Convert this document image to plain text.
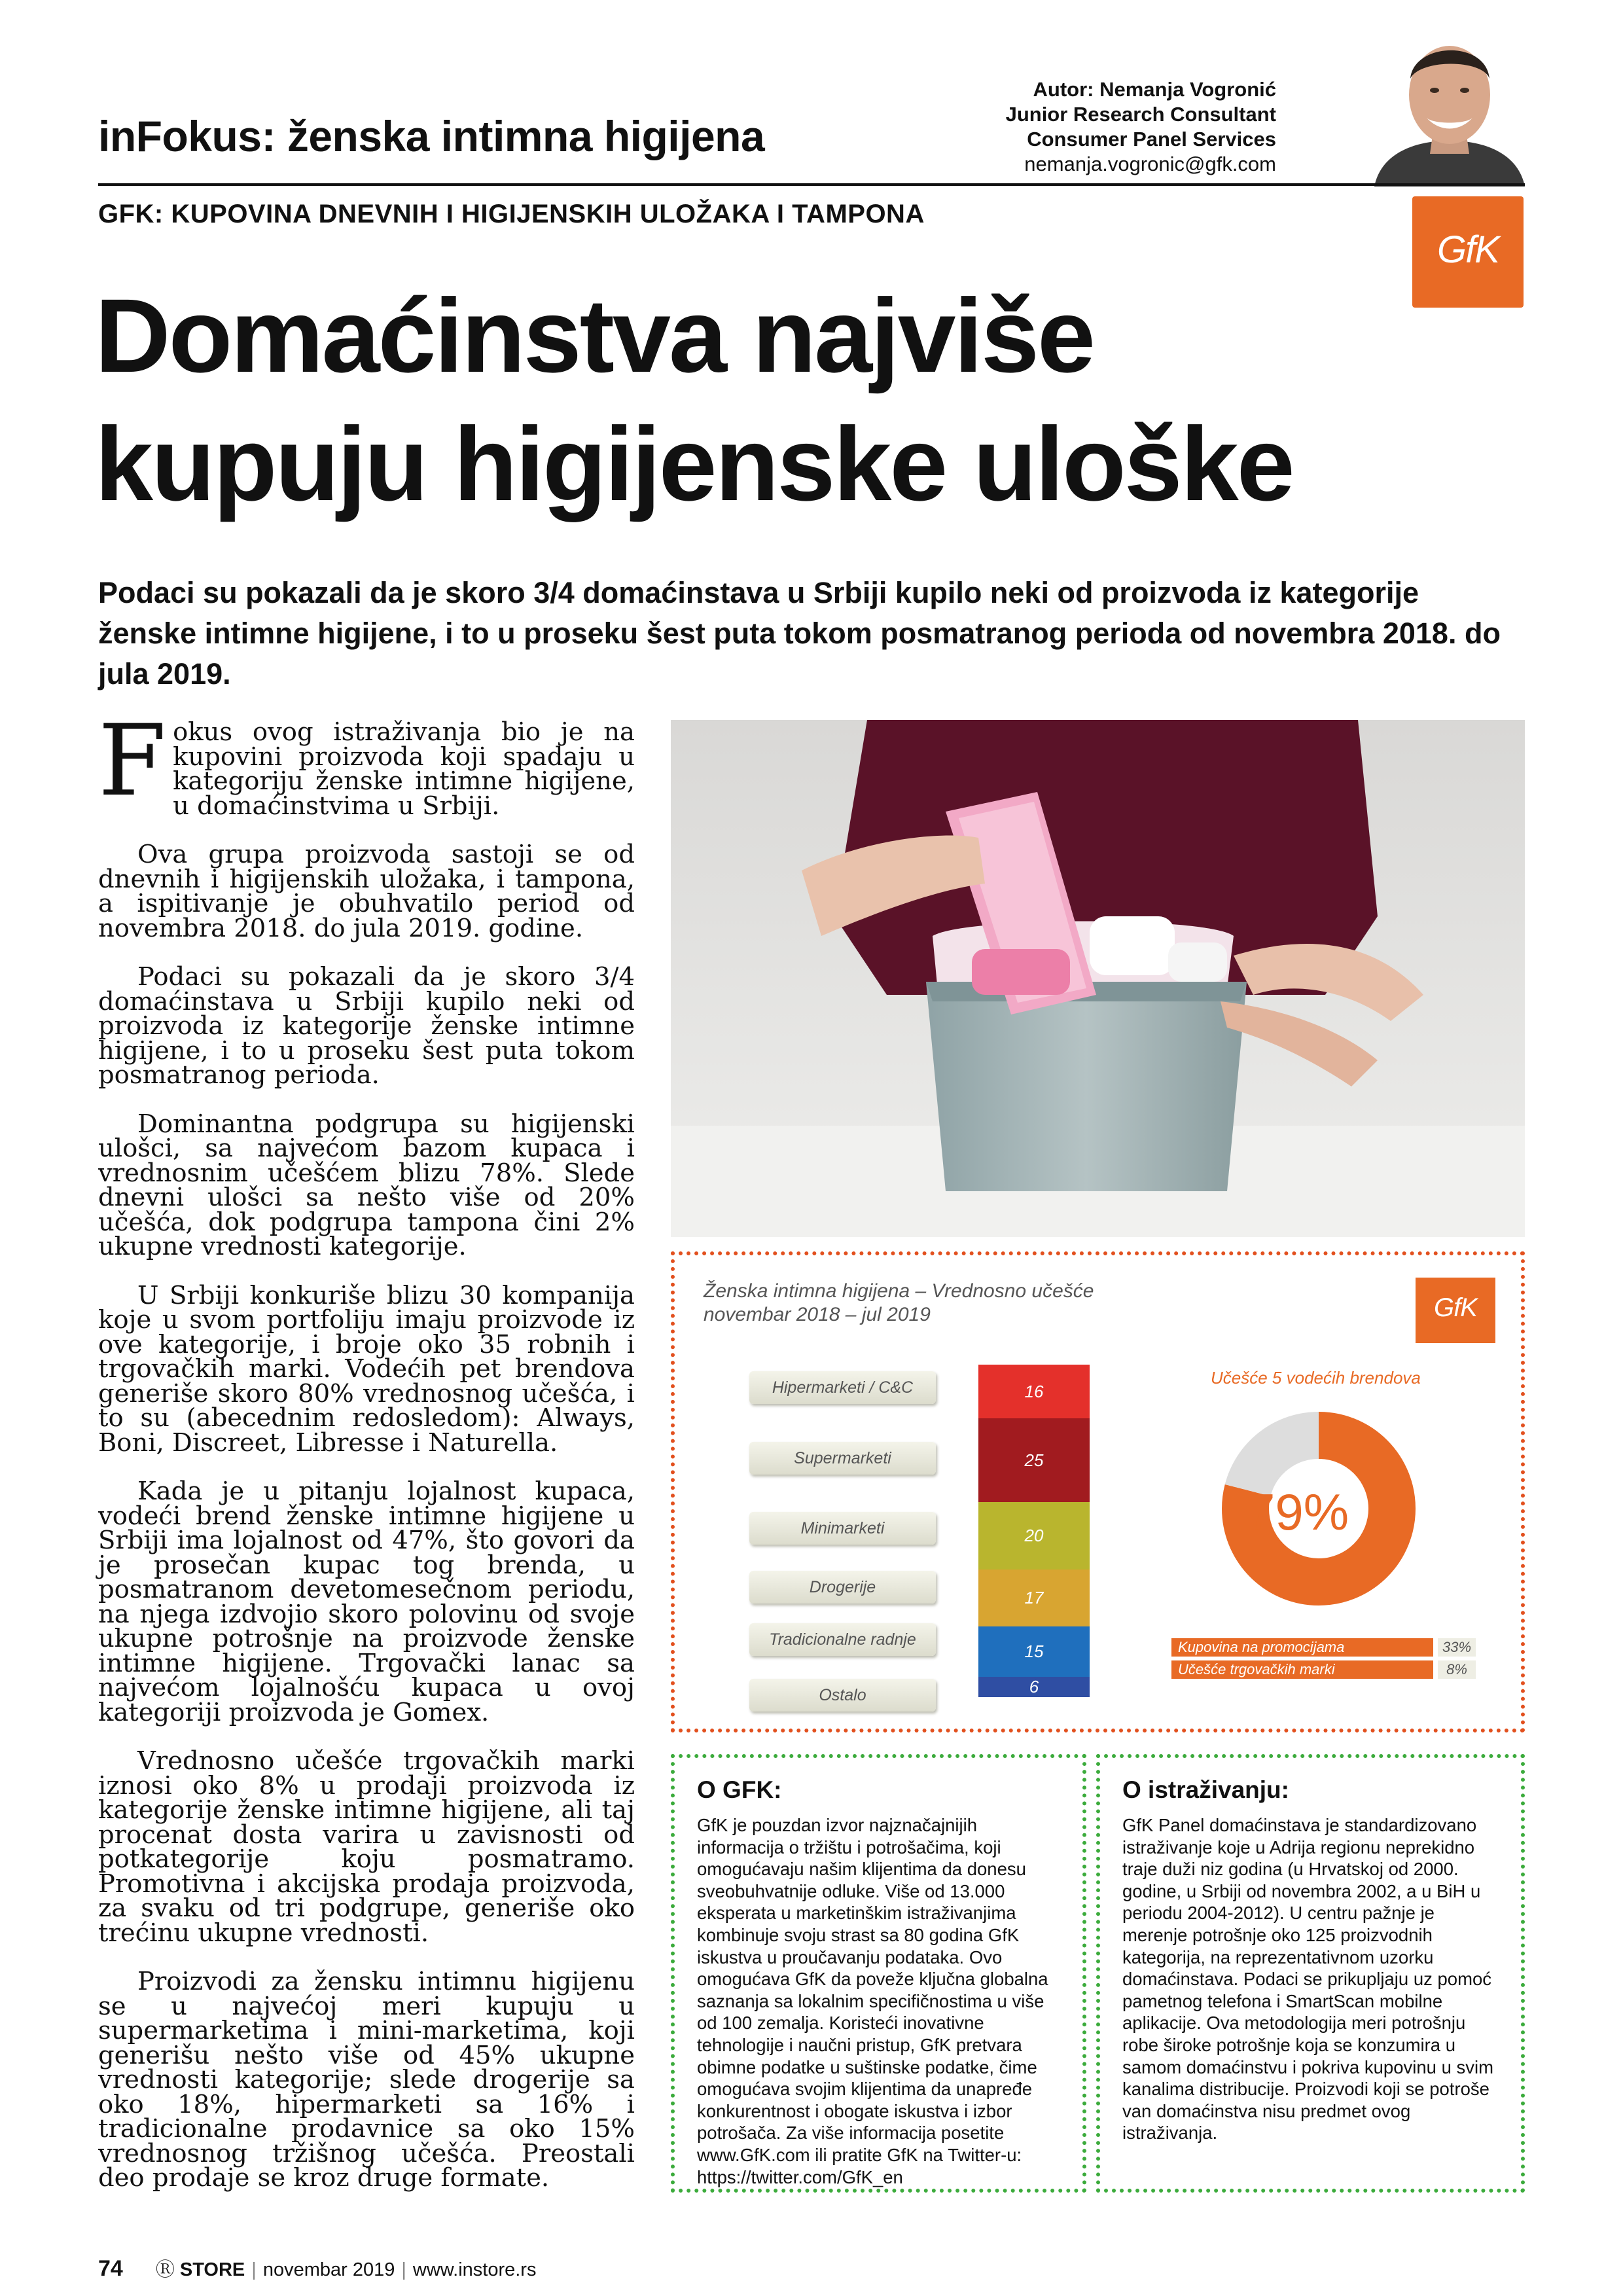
inFokus: ženska intimna higijena
Autor: Nemanja Vogronić
Junior Research Consultant
Consumer Panel Services
nemanja.vogronic@gfk.com
GFK: KUPOVINA DNEVNIH I HIGIJENSKIH ULOŽAKA I TAMPONA
GfK
Domaćinstva najviše
kupuju higijenske uloške
Podaci su pokazali da je skoro 3/4 domaćinstava u Srbiji kupilo neki od proizvoda iz kategorije ženske intimne higijene, i to u proseku šest puta tokom posmatranog perioda od novembra 2018. do jula 2019.

Fokus ovog istraživanja bio je na kupovini proizvoda koji spadaju u kategoriju ženske intimne higijene, u domaćinstvima u Srbiji.

Ova grupa proizvoda sastoji se od dnevnih i higijenskih uložaka, i tampona, a ispitivanje je obuhvatilo period od novembra 2018. do jula 2019. godine.

Podaci su pokazali da je skoro 3/4 domaćinstava u Srbiji kupilo neki od proizvoda iz kategorije ženske intimne higijene, i to u proseku šest puta tokom posmatranog perioda.

Dominantna podgrupa su higijenski ulošci, sa najvećom bazom kupaca i vrednosnim učešćem blizu 78%. Slede dnevni ulošci sa nešto više od 20% učešća, dok podgrupa tampona čini 2% ukupne vrednosti kategorije.

U Srbiji konkuriše blizu 30 kompanija koje u svom portfoliju imaju proizvode iz ove kategorije, i broje oko 35 robnih i trgovačkih marki. Vodećih pet brendova generiše skoro 80% vrednosnog učešća, i to su (abecednim redosledom): Always, Boni, Discreet, Libresse i Naturella.

Kada je u pitanju lojalnost kupaca, vodeći brend ženske intimne higijene u Srbiji ima lojalnost od 47%, što govori da je prosečan kupac tog brenda, u posmatranom devetomesečnom periodu, na njega izdvojio skoro polovinu od svoje ukupne potrošnje na proizvode ženske intimne higijene. Trgovački lanac sa najvećom lojalnošću kupaca u ovoj kategoriji proizvoda je Gomex.

Vrednosno učešće trgovačkih marki iznosi oko 8% u prodaji proizvoda iz kategorije ženske intimne higijene, ali taj procenat dosta varira u zavisnosti od potkategorije koju posmatramo. Promotivna i akcijska prodaja proizvoda, za svaku od tri podgrupe, generiše oko trećinu ukupne vrednosti.

Proizvodi za žensku intimnu higijenu se u najvećoj meri kupuju u supermarketima i mini-marketima, koji generišu nešto više od 45% ukupne vrednosti kategorije; slede drogerije sa oko 18%, hipermarketi sa 16% i tradicionalne prodavnice sa oko 15% vrednosnog tržišnog učešća. Preostali deo prodaje se kroz druge formate.

Ženska intimna higijena – Vrednosno učešće
novembar 2018 – jul 2019	GfK
Hipermarketi / C&C
Supermarketi
Minimarketi
Drogerije
Tradicionalne radnje
Ostalo
16
25
20
17
15
6
Učešće 5 vodećih brendova
79%
Kupovina na promocijama	33%
Učešće trgovačkih marki	8%
O GFK:
GfK je pouzdan izvor najznačajnijih informacija o tržištu i potrošačima, koji omogućavaju našim klijentima da donesu sveobuhvatnije odluke. Više od 13.000 eksperata u marketinškim istraživanjima kombinuje svoju strast sa 80 godina GfK iskustva u proučavanju podataka. Ovo omogućava GfK da poveže ključna globalna saznanja sa lokalnim specifičnostima u više od 100 zemalja. Koristeći inovativne tehnologije i naučni pristup, GfK pretvara obimne podatke u suštinske podatke, čime omogućava svojim klijentima da unapređe konkurentnost i obogate iskustva i izbor potrošača. Za više informacija posetite www.GfK.com ili pratite GfK na Twitter-u: https://twitter.com/GfK_en
O istraživanju:
GfK Panel domaćinstava je standardizovano istraživanje koje u Adrija regionu neprekidno traje duži niz godina (u Hrvatskoj od 2000. godine, u Srbiji od novembra 2002, a u BiH u periodu 2004-2012). U centru pažnje je merenje potrošnje oko 125 proizvodnih kategorija, na reprezentativnom uzorku domaćinstava. Podaci se prikupljaju uz pomoć pametnog telefona i SmartScan mobilne aplikacije. Ova metodologija meri potrošnju robe široke potrošnje koja se konzumira u samom domaćinstvu i pokriva kupovinu u svim kanalima distribucije. Proizvodi koji se potroše van domaćinstva nisu predmet ovog istraživanja.
74 Ⓡ STORE | novembar 2019 | www.instore.rs
